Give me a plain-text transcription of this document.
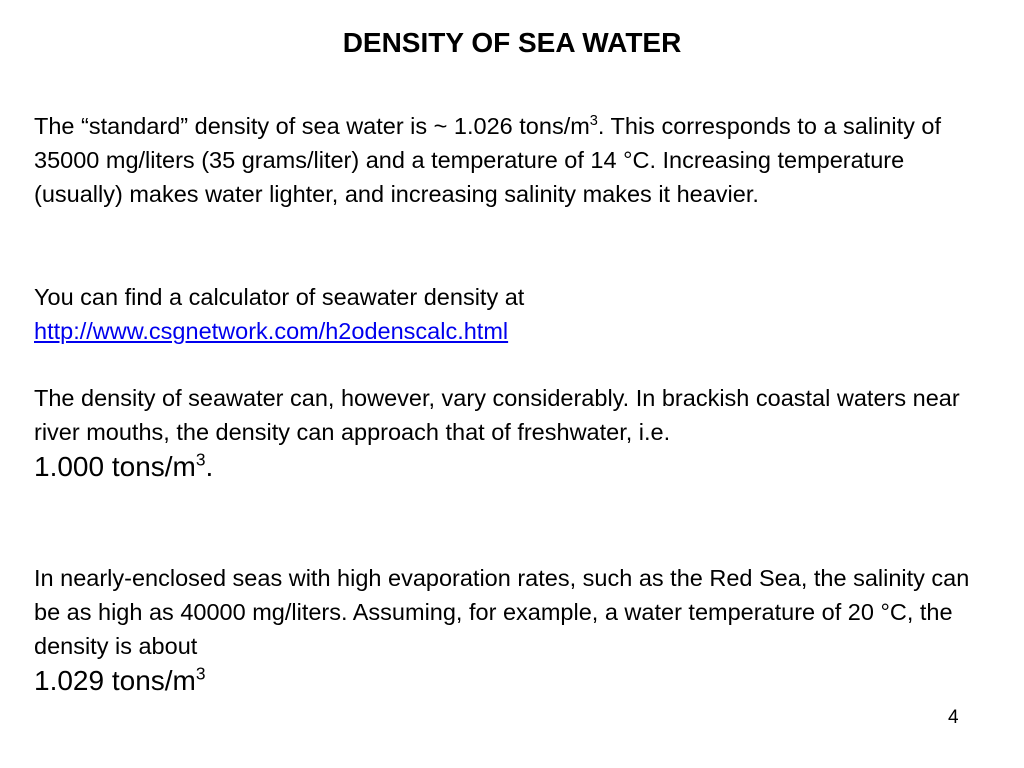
DENSITY OF SEA WATER

The “standard” density of sea water is ~ 1.026 tons/$m^3$. This corresponds to a salinity of 35000 mg/liters (35 grams/liter) and a temperature of 14 °C. Increasing temperature (usually) makes water lighter, and increasing salinity makes it heavier.

You can find a calculator of seawater density at
http://www.csgnetwork.com/h2odenscalc.html

The density of seawater can, however, vary considerably. In brackish coastal waters near river mouths, the density can approach that of freshwater, i.e.
1.000 tons/$m^3$.

In nearly-enclosed seas with high evaporation rates, such as the Red Sea, the salinity can be as high as 40000 mg/liters. Assuming, for example, a water temperature of 20 °C, the density is about
1.029 tons/$m^3$

4
